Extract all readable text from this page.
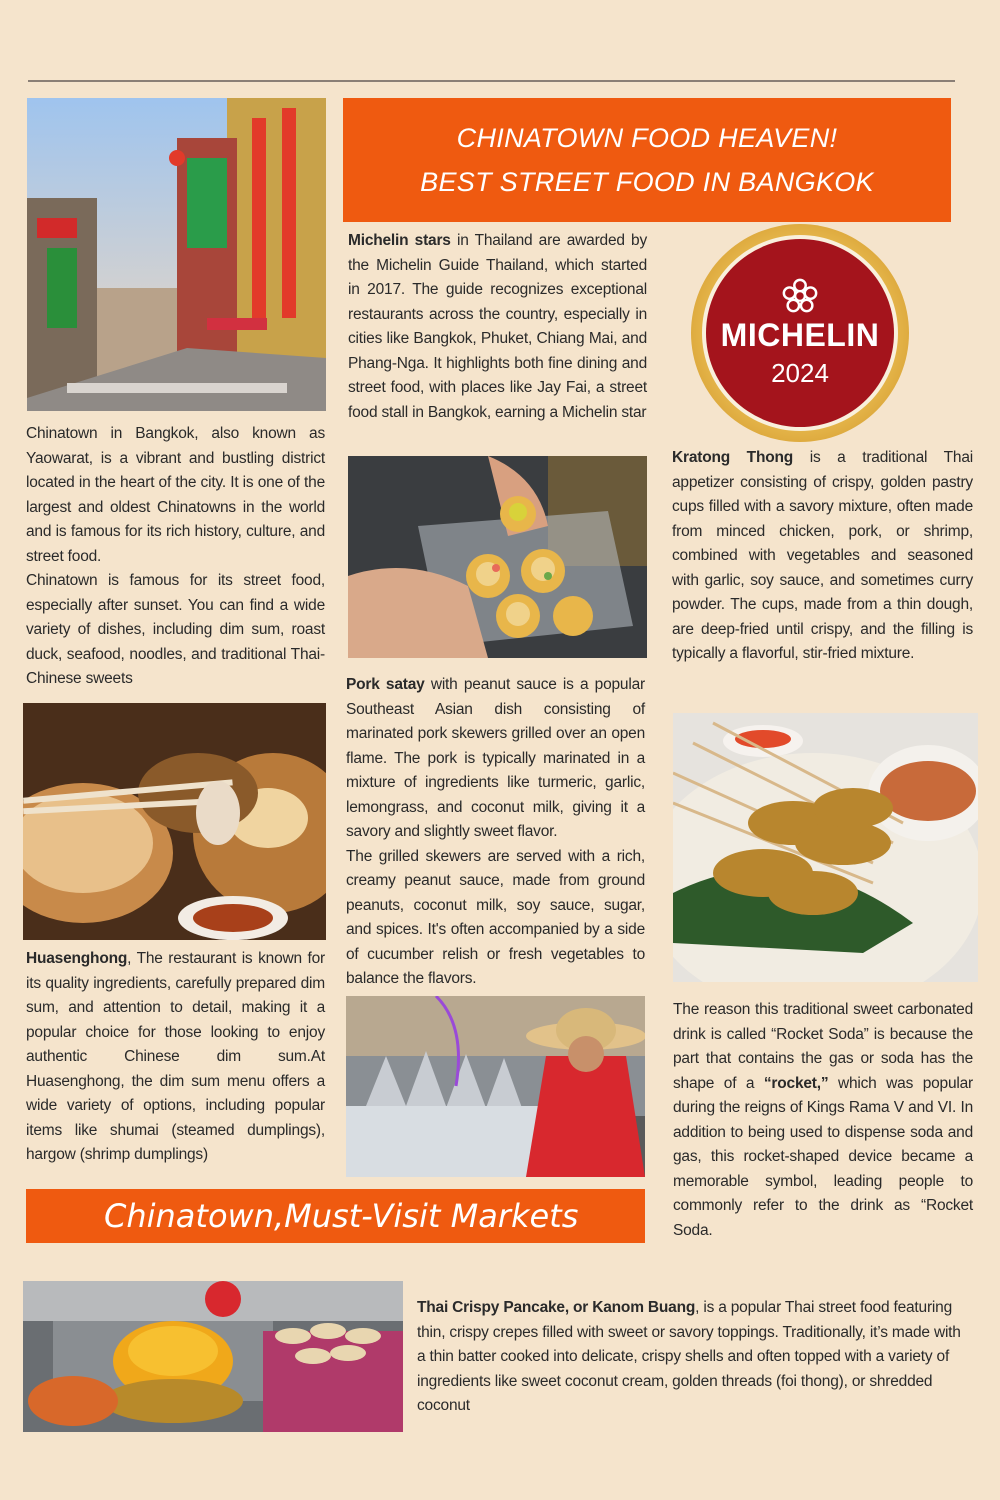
CHINATOWN FOOD HEAVEN!
BEST STREET FOOD IN BANGKOK
Michelin stars in Thailand are awarded by the Michelin Guide Thailand, which started in 2017. The guide recognizes exceptional restaurants across the country, especially in cities like Bangkok, Phuket, Chiang Mai, and Phang-Nga. It highlights both fine dining and street food, with places like Jay Fai, a street food stall in Bangkok, earning a Michelin star
MICHELIN
2024

Chinatown in Bangkok, also known as Yaowarat, is a vibrant and bustling district located in the heart of the city. It is one of the largest and oldest Chinatowns in the world and is famous for its rich history, culture, and street food.

Chinatown is famous for its street food, especially after sunset. You can find a wide variety of dishes, including dim sum, roast duck, seafood, noodles, and traditional Thai-Chinese sweets

Kratong Thong is a traditional Thai appetizer consisting of crispy, golden pastry cups filled with a savory mixture, often made from minced chicken, pork, or shrimp, combined with vegetables and seasoned with garlic, soy sauce, and sometimes curry powder. The cups, made from a thin dough, are deep-fried until crispy, and the filling is typically a flavorful, stir-fried mixture.

Pork satay with peanut sauce is a popular Southeast Asian dish consisting of marinated pork skewers grilled over an open flame. The pork is typically marinated in a mixture of ingredients like turmeric, garlic, lemongrass, and coconut milk, giving it a savory and slightly sweet flavor.

The grilled skewers are served with a rich, creamy peanut sauce, made from ground peanuts, coconut milk, soy sauce, sugar, and spices. It's often accompanied by a side of cucumber relish or fresh vegetables to balance the flavors.

Huasenghong, The restaurant is known for its quality ingredients, carefully prepared dim sum, and attention to detail, making it a popular choice for those looking to enjoy authentic Chinese dim sum.At Huasenghong, the dim sum menu offers a wide variety of options, including popular items like shumai (steamed dumplings), hargow (shrimp dumplings)
The reason this traditional sweet carbonated drink is called “Rocket Soda” is because the part that contains the gas or soda has the shape of a “rocket,” which was popular during the reigns of Kings Rama V and VI. In addition to being used to dispense soda and gas, this rocket-shaped device became a memorable symbol, leading people to commonly refer to the drink as “Rocket Soda.
Chinatown,Must-Visit Markets
Thai Crispy Pancake, or Kanom Buang, is a popular Thai street food featuring thin, crispy crepes filled with sweet or savory toppings. Traditionally, it’s made with a thin batter cooked into delicate, crispy shells and often topped with a variety of ingredients like sweet coconut cream, golden threads (foi thong), or shredded coconut
